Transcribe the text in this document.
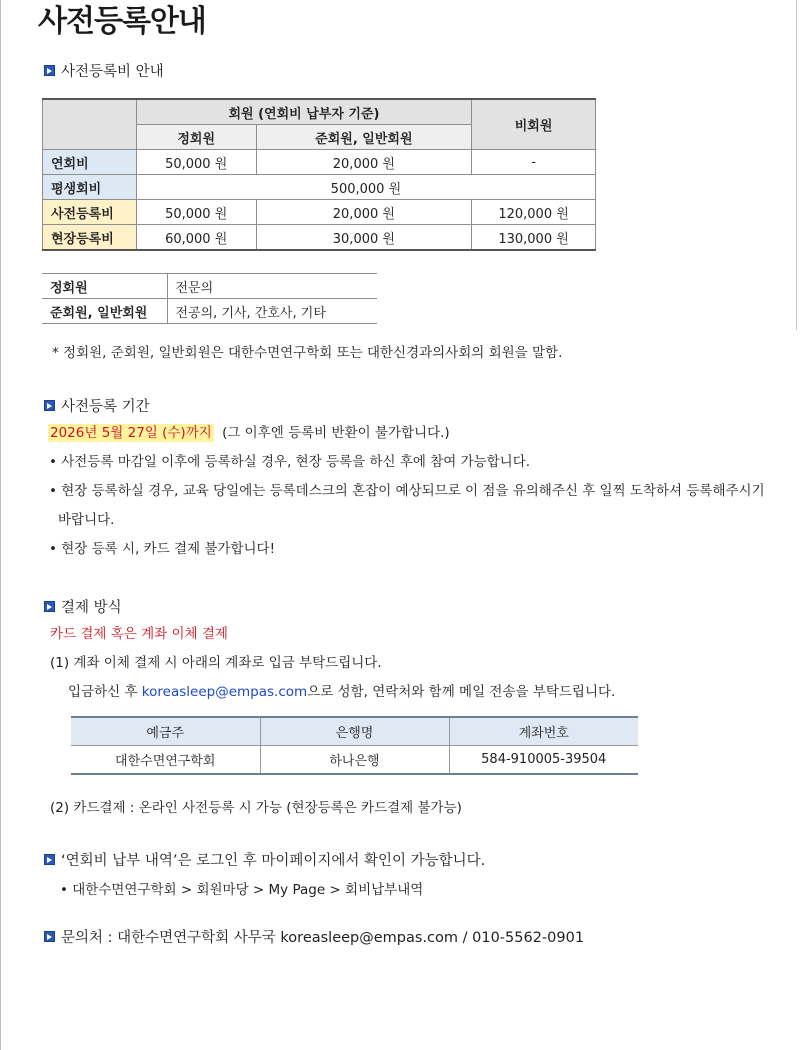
사전등록안내
사전등록비 안내
	회원 (연회비 납부자 기준)		비회원
	정회원	준회원, 일반회원	
연회비	50,000 원	20,000 원	-
평생회비	500,000 원		
사전등록비	50,000 원	20,000 원	120,000 원
현장등록비	60,000 원	30,000 원	130,000 원
정회원	전문의
준회원, 일반회원	전공의, 기사, 간호사, 기타
* 정회원, 준회원, 일반회원은 대한수면연구학회 또는 대한신경과의사회의 회원을 말함.
사전등록 기간
2026년 5월 27일 (수)까지 (그 이후엔 등록비 반환이 불가합니다.)
• 사전등록 마감일 이후에 등록하실 경우, 현장 등록을 하신 후에 참여 가능합니다.
• 현장 등록하실 경우, 교육 당일에는 등록데스크의 혼잡이 예상되므로 이 점을 유의해주신 후 일찍 도착하셔 등록해주시기
바랍니다.
• 현장 등록 시, 카드 결제 불가합니다!
결제 방식
카드 결제 혹은 계좌 이체 결제
(1) 계좌 이체 결제 시 아래의 계좌로 입금 부탁드립니다.
입금하신 후 koreasleep@empas.com으로 성함, 연락처와 함께 메일 전송을 부탁드립니다.
예금주	은행명	계좌번호
대한수면연구학회	하나은행	584-910005-39504
(2) 카드결제 : 온라인 사전등록 시 가능 (현장등록은 카드결제 불가능)
‘연회비 납부 내역’은 로그인 후 마이페이지에서 확인이 가능합니다.
• 대한수면연구학회 > 회원마당 > My Page > 회비납부내역
문의처 : 대한수면연구학회 사무국 koreasleep@empas.com / 010-5562-0901
